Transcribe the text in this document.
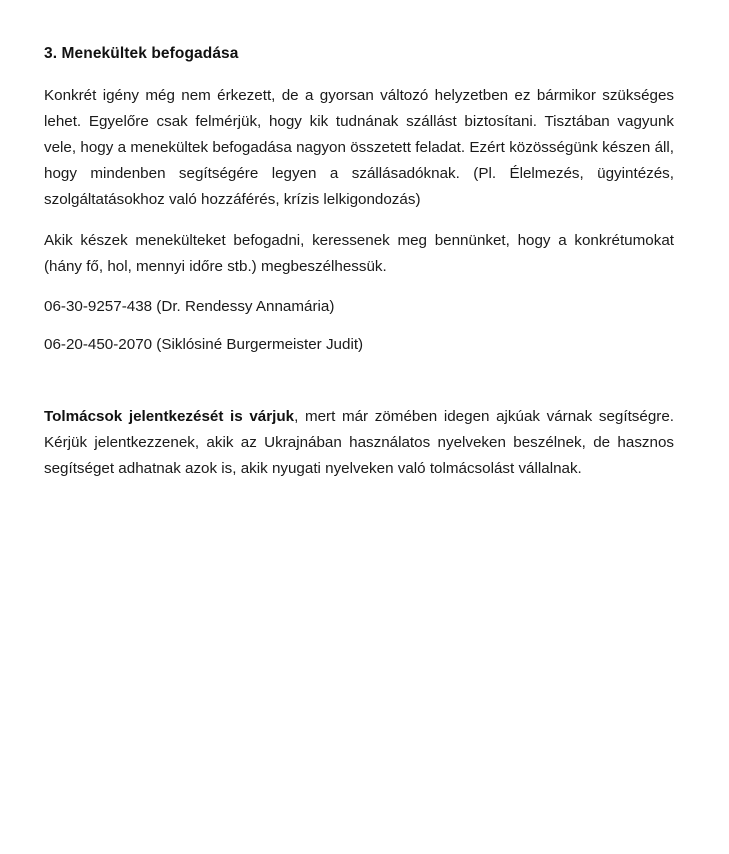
3. Menekültek befogadása

Konkrét igény még nem érkezett, de a gyorsan változó helyzetben ez bármikor szükséges lehet. Egyelőre csak felmérjük, hogy kik tudnának szállást biztosítani. Tisztában vagyunk vele, hogy a menekültek befogadása nagyon összetett feladat. Ezért közösségünk készen áll, hogy mindenben segítségére legyen a szállásadóknak. (Pl. Élelmezés, ügyintézés, szolgáltatásokhoz való hozzáférés, krízis lelkigondozás)

Akik készek menekülteket befogadni, keressenek meg bennünket, hogy a konkrétumokat (hány fő, hol, mennyi időre stb.) megbeszélhessük.

06-30-9257-438 (Dr. Rendessy Annamária)

06-20-450-2070 (Siklósiné Burgermeister Judit)

Tolmácsok jelentkezését is várjuk, mert már zömében idegen ajkúak várnak segítségre. Kérjük jelentkezzenek, akik az Ukrajnában használatos nyelveken beszélnek, de hasznos segítséget adhatnak azok is, akik nyugati nyelveken való tolmácsolást vállalnak.
